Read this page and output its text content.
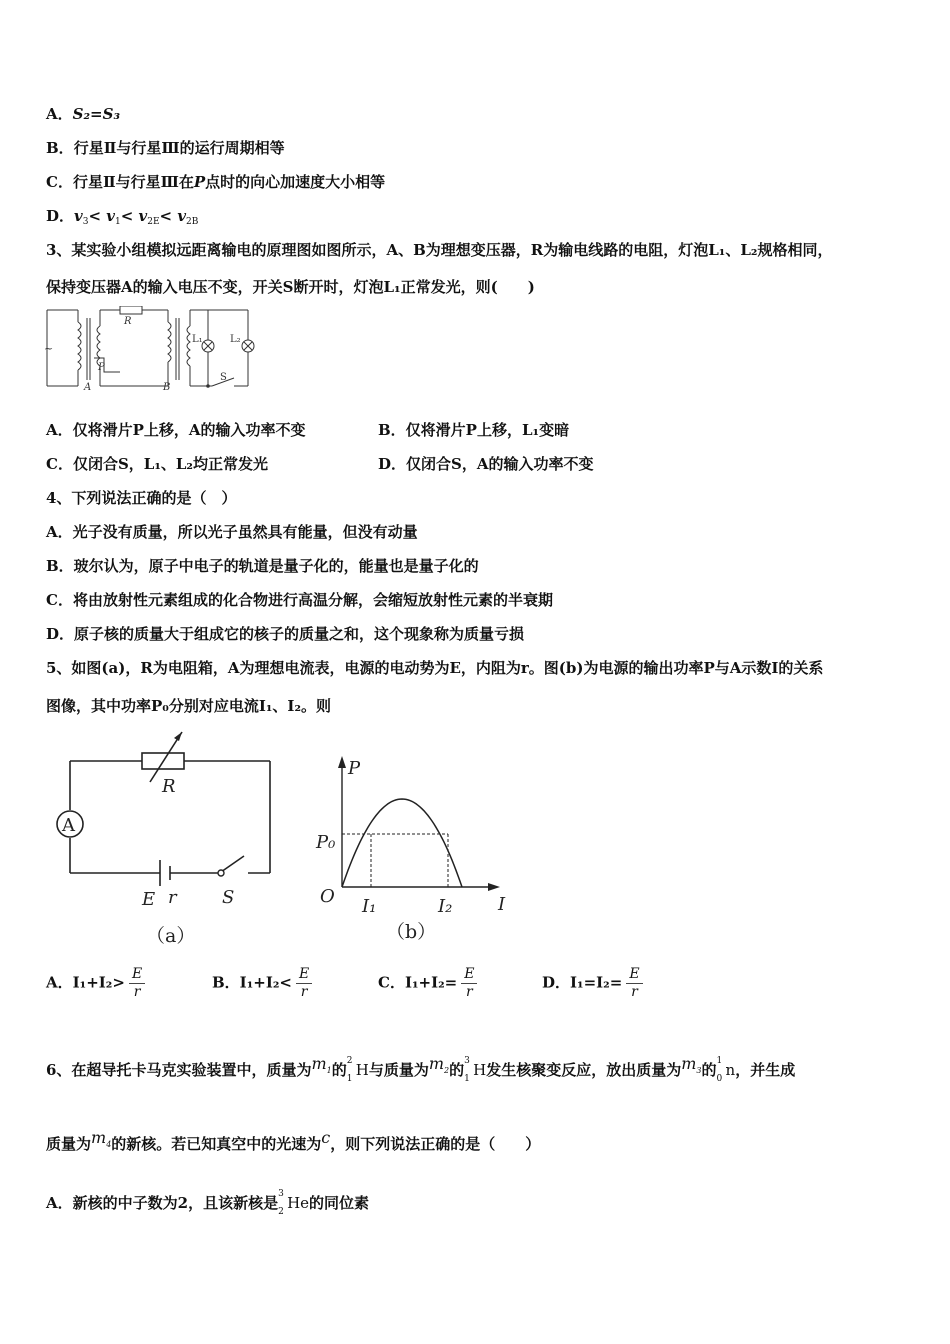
A．S₂=S₃
B．行星Ⅱ与行星Ⅲ的运行周期相等
C．行星Ⅱ与行星Ⅲ在P点时的向心加速度大小相等
D．$v_3< v_1< v_{2E}< v_{2B}$
3、某实验小组模拟远距离输电的原理图如图所示，A、B为理想变压器，R为输电线路的电阻，灯泡L₁、L₂规格相同，
保持变压器A的输入电压不变，开关S断开时，灯泡L₁正常发光，则(　　)
~
R
A	B
P
L₁	L₂
S
A．仅将滑片P上移，A的输入功率不变	B．仅将滑片P上移，L₁变暗
C．仅闭合S，L₁、L₂均正常发光	D．仅闭合S，A的输入功率不变
4、下列说法正确的是（　）
A．光子没有质量，所以光子虽然具有能量，但没有动量
B．玻尔认为，原子中电子的轨道是量子化的，能量也是量子化的
C．将由放射性元素组成的化合物进行高温分解，会缩短放射性元素的半衰期
D．原子核的质量大于组成它的核子的质量之和，这个现象称为质量亏损
5、如图(a)，R为电阻箱，A为理想电流表，电源的电动势为E，内阻为r。图(b)为电源的输出功率P与A示数I的关系
图像，其中功率P₀分别对应电流I₁、I₂。则
A
R
E r	S
（a）
P
P₀
O I₁	I₂	I
（b）
A．$I_1+I_2> \frac{E}{r}$	B．$I_1+I_2< \frac{E}{r}$	C．$I_1+I_2= \frac{E}{r}$	D．$I_1=I_2= \frac{E}{r}$
6、在超导托卡马克实验装置中，质量为$m_1$的 2
1 H与质量为$m_2$的 3
1 H发生核聚变反应，放出质量为$m_3$的 1
0 n，并生成
质量为$m_4$的新核。若已知真空中的光速为c，则下列说法正确的是（　　）
A．新核的中子数为2，且该新核是 3
2 He的同位素
